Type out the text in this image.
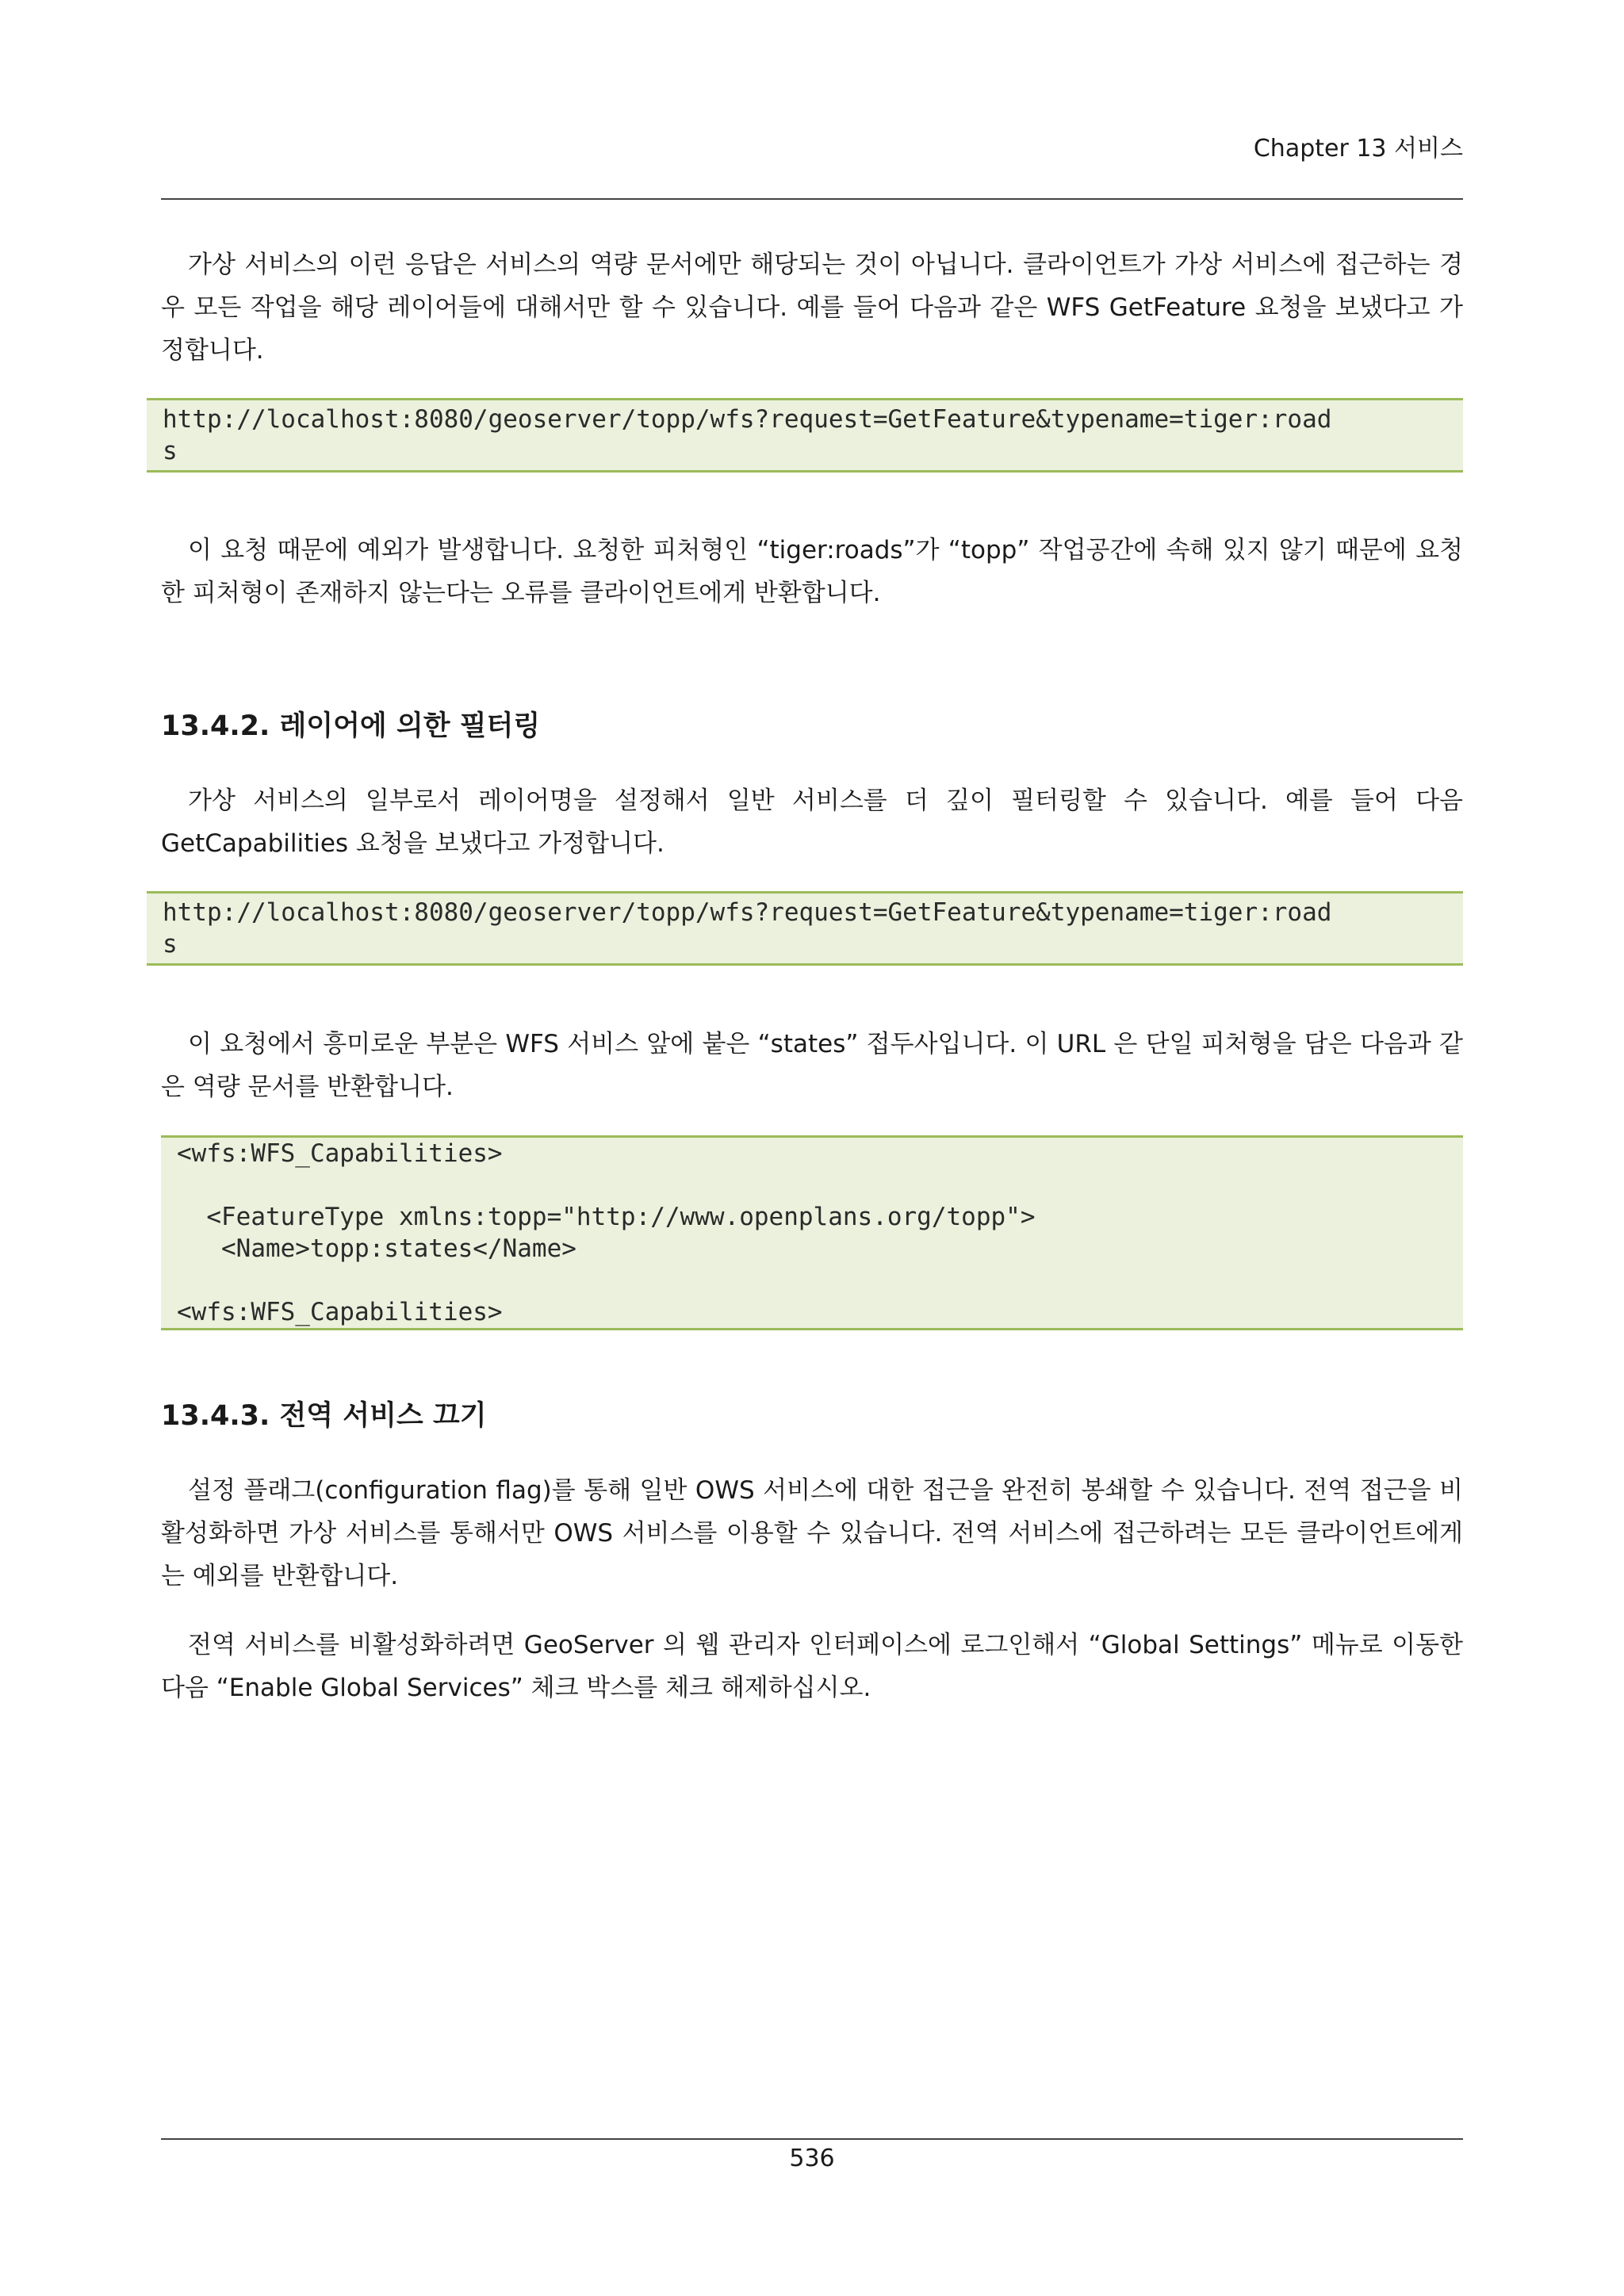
Chapter 13 서비스

가상 서비스의 이런 응답은 서비스의 역량 문서에만 해당되는 것이 아닙니다. 클라이언트가 가상 서비스에 접근하는 경우 모든 작업을 해당 레이어들에 대해서만 할 수 있습니다. 예를 들어 다음과 같은 WFS GetFeature 요청을 보냈다고 가정합니다.

http://localhost:8080/geoserver/topp/wfs?request=GetFeature&typename=tiger:road
s

이 요청 때문에 예외가 발생합니다. 요청한 피처형인 “tiger:roads”가 “topp” 작업공간에 속해 있지 않기 때문에 요청한 피처형이 존재하지 않는다는 오류를 클라이언트에게 반환합니다.

13.4.2. 레이어에 의한 필터링

가상 서비스의 일부로서 레이어명을 설정해서 일반 서비스를 더 깊이 필터링할 수 있습니다. 예를 들어 다음 GetCapabilities 요청을 보냈다고 가정합니다.

http://localhost:8080/geoserver/topp/wfs?request=GetFeature&typename=tiger:road
s

이 요청에서 흥미로운 부분은 WFS 서비스 앞에 붙은 “states” 접두사입니다. 이 URL 은 단일 피처형을 담은 다음과 같은 역량 문서를 반환합니다.

<wfs:WFS_Capabilities>

<FeatureType xmlns:topp="http://www.openplans.org/topp">
<Name>topp:states</Name>

<wfs:WFS_Capabilities>
13.4.3. 전역 서비스 끄기

설정 플래그(configuration flag)를 통해 일반 OWS 서비스에 대한 접근을 완전히 봉쇄할 수 있습니다. 전역 접근을 비활성화하면 가상 서비스를 통해서만 OWS 서비스를 이용할 수 있습니다. 전역 서비스에 접근하려는 모든 클라이언트에게는 예외를 반환합니다.

전역 서비스를 비활성화하려면 GeoServer 의 웹 관리자 인터페이스에 로그인해서 “Global Settings” 메뉴로 이동한 다음 “Enable Global Services” 체크 박스를 체크 해제하십시오.

536
